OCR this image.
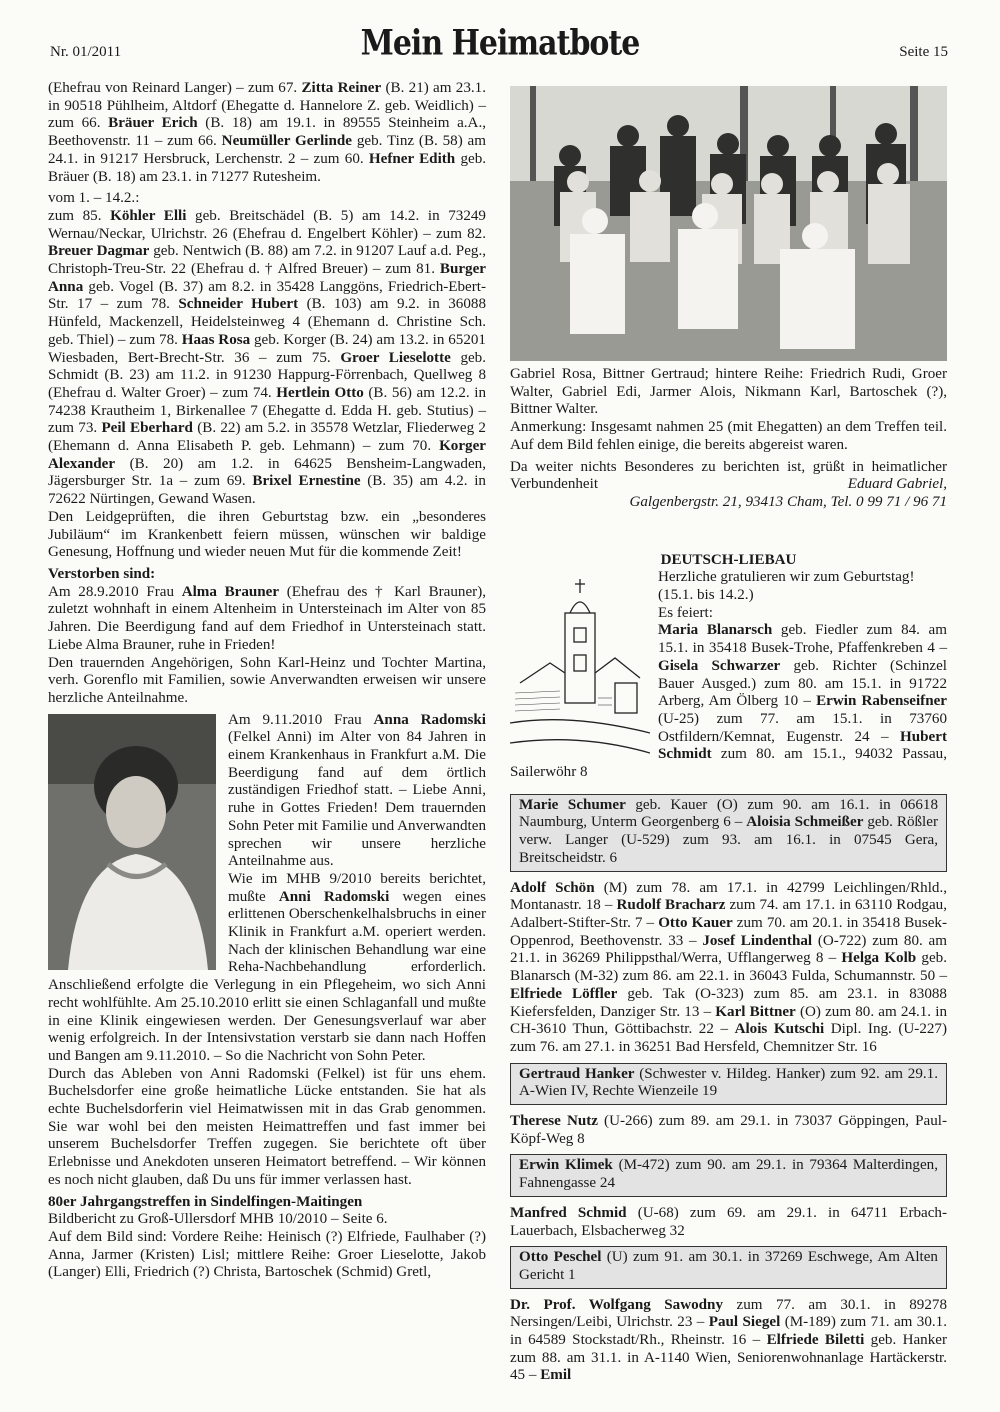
Nr. 01/2011	Mein Heimatbote	Seite 15

(Ehefrau von Reinard Langer) – zum 67. Zitta Reiner (B. 21) am 23.1. in 90518 Pühlheim, Altdorf (Ehegatte d. Hannelore Z. geb. Weidlich) – zum 66. Bräuer Erich (B. 18) am 19.1. in 89555 Steinheim a.A., Beethovenstr. 11 – zum 66. Neumüller Gerlinde geb. Tinz (B. 58) am 24.1. in 91217 Hersbruck, Lerchenstr. 2 – zum 60. Hefner Edith geb. Bräuer (B. 18) am 23.1. in 71277 Rutesheim.

vom 1. – 14.2.:

zum 85. Köhler Elli geb. Breitschädel (B. 5) am 14.2. in 73249 Wernau/Neckar, Ulrichstr. 26 (Ehefrau d. Engelbert Köhler) – zum 82. Breuer Dagmar geb. Nentwich (B. 88) am 7.2. in 91207 Lauf a.d. Peg., Christoph-Treu-Str. 22 (Ehefrau d. † Alfred Breuer) – zum 81. Burger Anna geb. Vogel (B. 37) am 8.2. in 35428 Langgöns, Friedrich-Ebert-Str. 17 – zum 78. Schneider Hubert (B. 103) am 9.2. in 36088 Hünfeld, Mackenzell, Heidelsteinweg 4 (Ehemann d. Christine Sch. geb. Thiel) – zum 78. Haas Rosa geb. Korger (B. 24) am 13.2. in 65201 Wiesbaden, Bert-Brecht-Str. 36 – zum 75. Groer Lieselotte geb. Schmidt (B. 23) am 11.2. in 91230 Happurg-Förrenbach, Quellweg 8 (Ehefrau d. Walter Groer) – zum 74. Hertlein Otto (B. 56) am 12.2. in 74238 Krautheim 1, Birkenallee 7 (Ehegatte d. Edda H. geb. Stutius) – zum 73. Peil Eberhard (B. 22) am 5.2. in 35578 Wetzlar, Fliederweg 2 (Ehemann d. Anna Elisabeth P. geb. Lehmann) – zum 70. Korger Alexander (B. 20) am 1.2. in 64625 Bensheim-Langwaden, Jägersburger Str. 1a – zum 69. Brixel Ernestine (B. 35) am 4.2. in 72622 Nürtingen, Gewand Wasen.

Den Leidgeprüften, die ihren Geburtstag bzw. ein „besonderes Jubiläum“ im Krankenbett feiern müssen, wünschen wir baldige Genesung, Hoffnung und wieder neuen Mut für die kommende Zeit!

Verstorben sind:

Am 28.9.2010 Frau Alma Brauner (Ehefrau des † Karl Brauner), zuletzt wohnhaft in einem Altenheim in Untersteinach im Alter von 85 Jahren. Die Beerdigung fand auf dem Friedhof in Untersteinach statt. Liebe Alma Brauner, ruhe in Frieden!

Den trauernden Angehörigen, Sohn Karl-Heinz und Tochter Martina, verh. Gorenflo mit Familien, sowie Anverwandten erweisen wir unsere herzliche Anteilnahme.

Am 9.11.2010 Frau Anna Radomski (Felkel Anni) im Alter von 84 Jahren in einem Krankenhaus in Frankfurt a.M. Die Beerdigung fand auf dem örtlich zuständigen Friedhof statt. – Liebe Anni, ruhe in Gottes Frieden! Dem trauernden Sohn Peter mit Familie und Anverwandten sprechen wir unsere herzliche Anteilnahme aus.

Wie im MHB 9/2010 bereits berichtet, mußte Anni Radomski wegen eines erlittenen Oberschenkelhalsbruchs in einer Klinik in Frankfurt a.M. operiert werden. Nach der klinischen Behandlung war eine Reha-Nachbehandlung erforderlich. Anschließend erfolgte die Verlegung in ein Pflegeheim, wo sich Anni recht wohlfühlte. Am 25.10.2010 erlitt sie einen Schlaganfall und mußte in eine Klinik eingewiesen werden. Der Genesungsverlauf war aber wenig erfolgreich. In der Intensivstation verstarb sie dann nach Hoffen und Bangen am 9.11.2010. – So die Nachricht von Sohn Peter.

Durch das Ableben von Anni Radomski (Felkel) ist für uns ehem. Buchelsdorfer eine große heimatliche Lücke entstanden. Sie hat als echte Buchelsdorferin viel Heimatwissen mit in das Grab genommen. Sie war wohl bei den meisten Heimattreffen und fast immer bei unserem Buchelsdorfer Treffen zugegen. Sie berichtete oft über Erlebnisse und Anekdoten unseren Heimatort betreffend. – Wir können es noch nicht glauben, daß Du uns für immer verlassen hast.

80er Jahrgangstreffen in Sindelfingen-Maitingen

Bildbericht zu Groß-Ullersdorf MHB 10/2010 – Seite 6.

Auf dem Bild sind: Vordere Reihe: Heinisch (?) Elfriede, Faulhaber (?) Anna, Jarmer (Kristen) Lisl; mittlere Reihe: Groer Lieselotte, Jakob (Langer) Elli, Friedrich (?) Christa, Bartoschek (Schmid) Gretl,

Gabriel Rosa, Bittner Gertraud; hintere Reihe: Friedrich Rudi, Groer Walter, Gabriel Edi, Jarmer Alois, Nikmann Karl, Bartoschek (?), Bittner Walter.

Anmerkung: Insgesamt nahmen 25 (mit Ehegatten) an dem Treffen teil. Auf dem Bild fehlen einige, die bereits abgereist waren.

Da weiter nichts Besonderes zu berichten ist, grüßt in heimatlicher Verbundenheit	Eduard Gabriel,

Galgenbergstr. 21, 93413 Cham, Tel. 0 99 71 / 96 71

DEUTSCH-LIEBAU

Herzliche gratulieren wir zum Geburtstag!

(15.1. bis 14.2.)

Es feiert:

Maria Blanarsch geb. Fiedler zum 84. am 15.1. in 35418 Busek-Trohe, Pfaffenkreben 4 – Gisela Schwarzer geb. Richter (Schinzel Bauer Ausged.) zum 80. am 15.1. in 91722 Arberg, Am Ölberg 10 – Erwin Rabenseifner (U-25) zum 77. am 15.1. in 73760 Ostfildern/Kemnat, Eugenstr. 24 – Hubert Schmidt zum 80. am 15.1., 94032 Passau, Sailerwöhr 8

Marie Schumer geb. Kauer (O) zum 90. am 16.1. in 06618 Naumburg, Unterm Georgenberg 6 – Aloisia Schmeißer geb. Rößler verw. Langer (U-529) zum 93. am 16.1. in 07545 Gera, Breitscheidstr. 6

Adolf Schön (M) zum 78. am 17.1. in 42799 Leichlingen/Rhld., Montanastr. 18 – Rudolf Bracharz zum 74. am 17.1. in 63110 Rodgau, Adalbert-Stifter-Str. 7 – Otto Kauer zum 70. am 20.1. in 35418 Busek-Oppenrod, Beethovenstr. 33 – Josef Lindenthal (O-722) zum 80. am 21.1. in 36269 Philippsthal/Werra, Ufflangerweg 8 – Helga Kolb geb. Blanarsch (M-32) zum 86. am 22.1. in 36043 Fulda, Schumannstr. 50 – Elfriede Löffler geb. Tak (O-323) zum 85. am 23.1. in 83088 Kiefersfelden, Danziger Str. 13 – Karl Bittner (O) zum 80. am 24.1. in CH-3610 Thun, Göttibachstr. 22 – Alois Kutschi Dipl. Ing. (U-227) zum 76. am 27.1. in 36251 Bad Hersfeld, Chemnitzer Str. 16

Gertraud Hanker (Schwester v. Hildeg. Hanker) zum 92. am 29.1. A-Wien IV, Rechte Wienzeile 19

Therese Nutz (U-266) zum 89. am 29.1. in 73037 Göppingen, Paul-Köpf-Weg 8

Erwin Klimek (M-472) zum 90. am 29.1. in 79364 Malterdingen, Fahnengasse 24

Manfred Schmid (U-68) zum 69. am 29.1. in 64711 Erbach-Lauerbach, Elsbacherweg 32

Otto Peschel (U) zum 91. am 30.1. in 37269 Eschwege, Am Alten Gericht 1

Dr. Prof. Wolfgang Sawodny zum 77. am 30.1. in 89278 Nersingen/Leibi, Ulrichstr. 23 – Paul Siegel (M-189) zum 71. am 30.1. in 64589 Stockstadt/Rh., Rheinstr. 16 – Elfriede Biletti geb. Hanker zum 88. am 31.1. in A-1140 Wien, Seniorenwohnanlage Hartäckerstr. 45 – Emil
